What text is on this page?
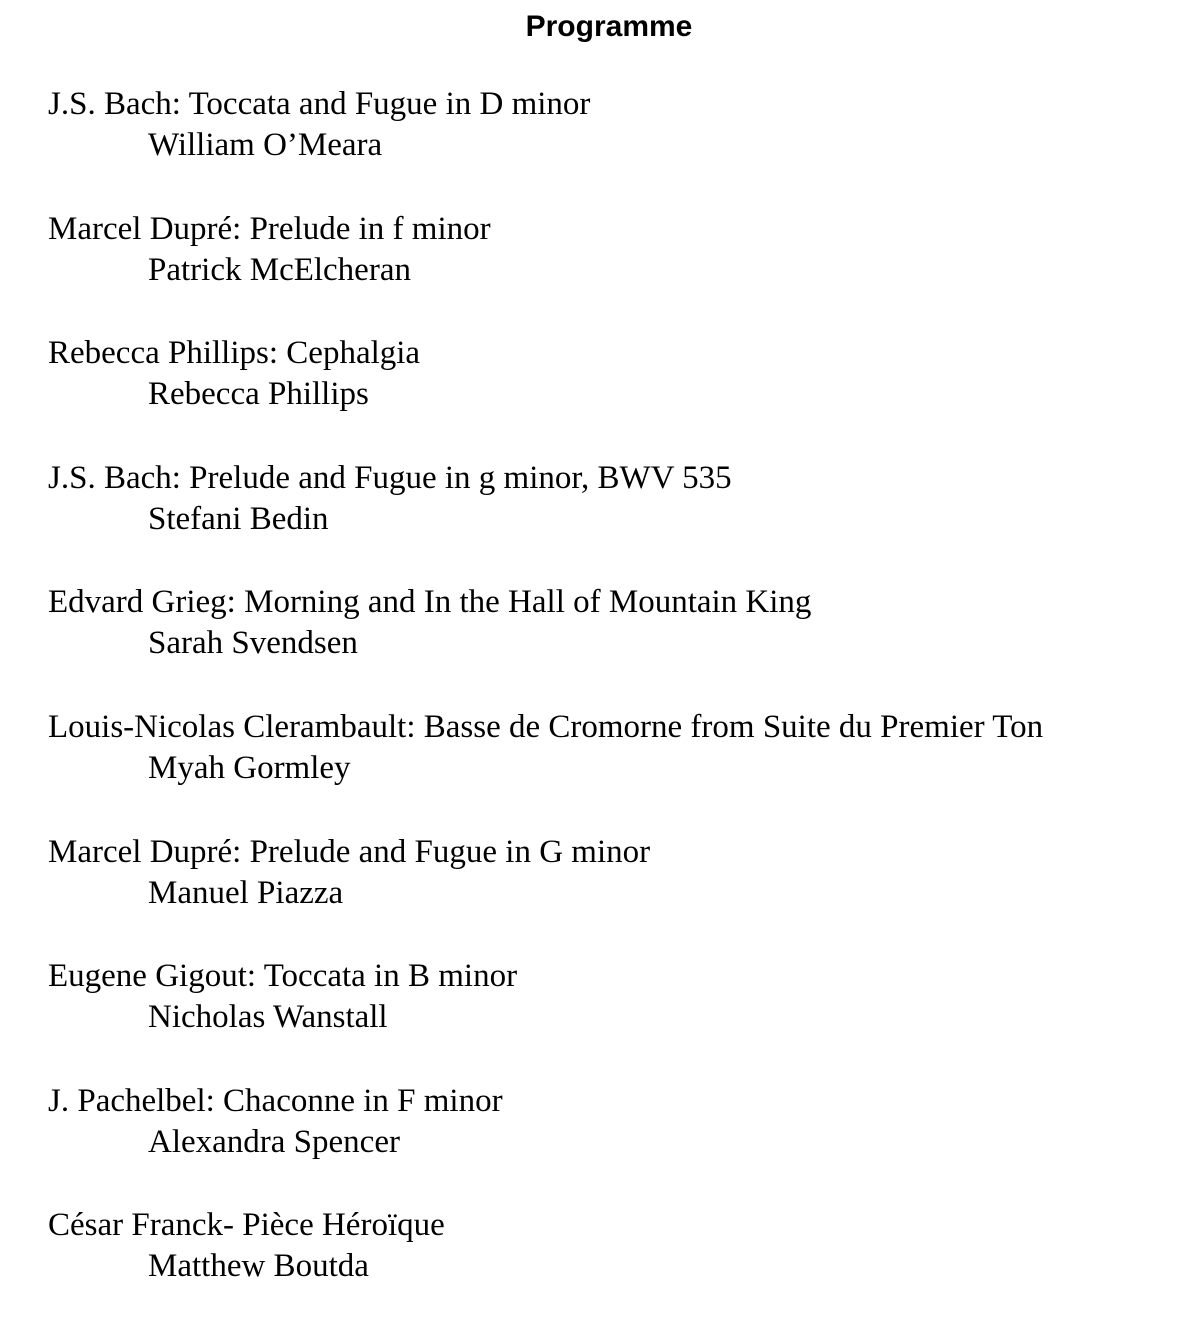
Programme
J.S. Bach: Toccata and Fugue in D minor
William O’Meara
Marcel Dupré: Prelude in f minor
Patrick McElcheran
Rebecca Phillips: Cephalgia
Rebecca Phillips
J.S. Bach: Prelude and Fugue in g minor, BWV 535
Stefani Bedin
Edvard Grieg: Morning and In the Hall of Mountain King
Sarah Svendsen
Louis-Nicolas Clerambault: Basse de Cromorne from Suite du Premier Ton
Myah Gormley
Marcel Dupré: Prelude and Fugue in G minor
Manuel Piazza
Eugene Gigout: Toccata in B minor
Nicholas Wanstall
J. Pachelbel: Chaconne in F minor
Alexandra Spencer
César Franck- Pièce Héroïque
Matthew Boutda
